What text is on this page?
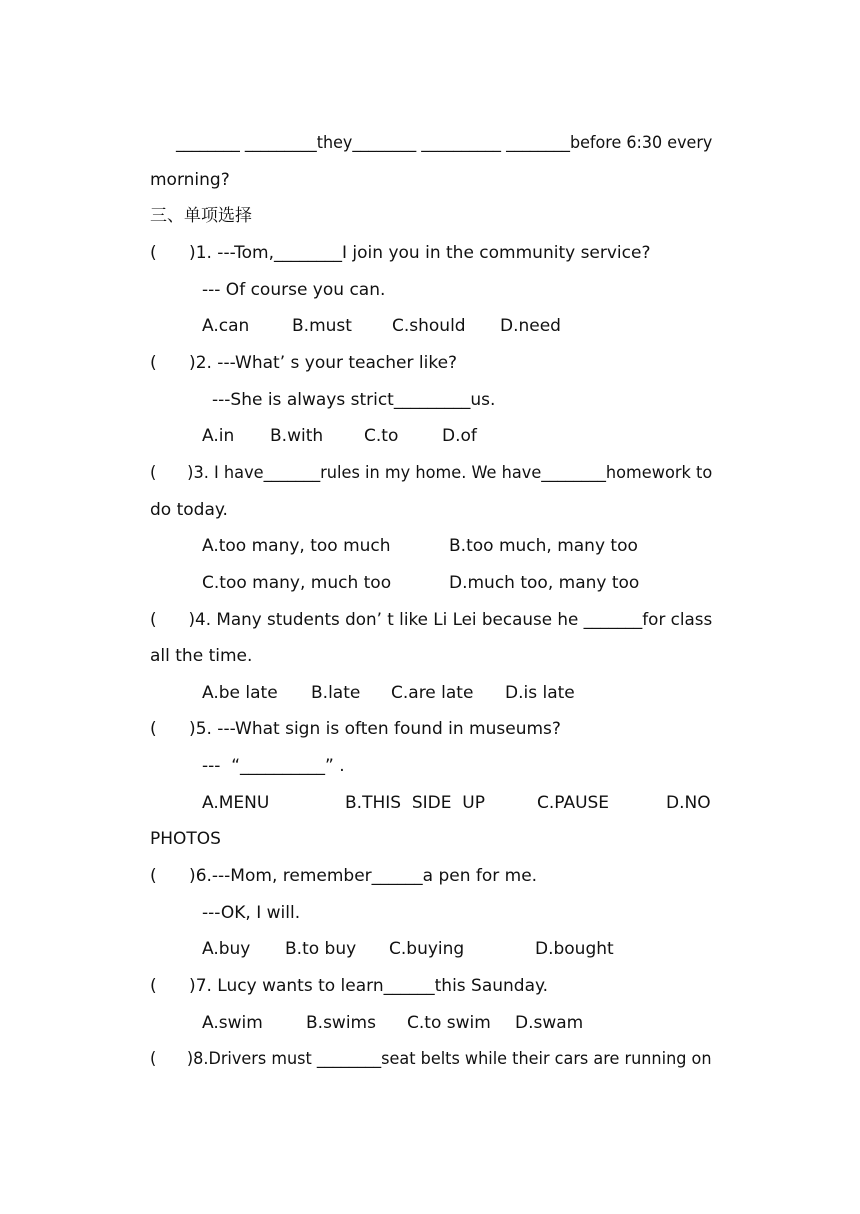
________ _________they________ __________ ________before 6:30 every
morning?
三、单项选择
(      )1. ---Tom,________I join you in the community service?
--- Of course you can.
A.can	B.must C.should D.need
(      )2. ---What’ s your teacher like?
---She is always strict_________us.
A.in B.with C.to	D.of
(      )3. I have_______rules in my home. We have________homework to
do today.
A.too many, too much	B.too much, many too
C.too many, much too	D.much too, many too
(      )4. Many students don’ t like Li Lei because he _______for class
all the time.
A.be late B.late C.are late D.is late
(      )5. ---What sign is often found in museums?
---  “__________” .
A.MENU	B.THIS  SIDE  UP	C.PAUSE	D.NO
PHOTOS
(      )6.---Mom, remember______a pen for me.
---OK, I will.
A.buy B.to buy C.buying	D.bought
(      )7. Lucy wants to learn______this Saunday.
A.swim	B.swims C.to swim D.swam
(      )8.Drivers must ________seat belts while their cars are running on
